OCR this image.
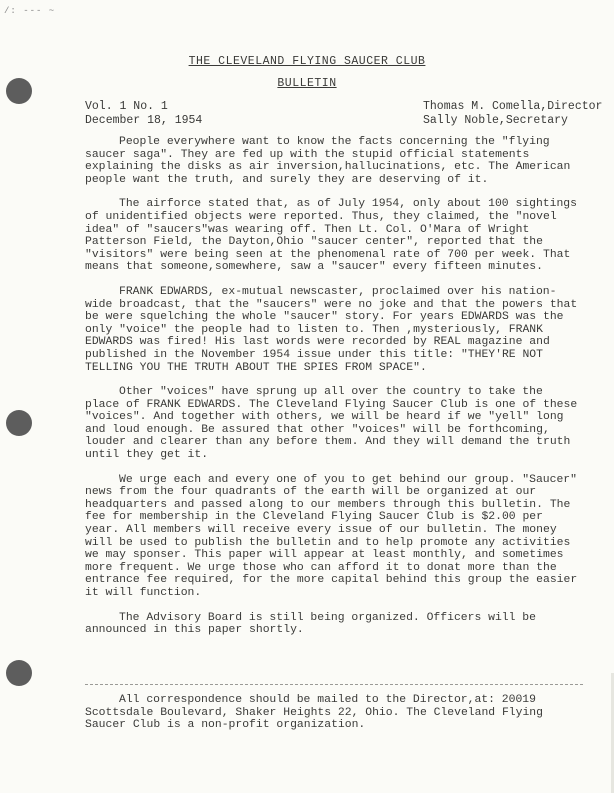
/: --- ~
THE CLEVELAND FLYING SAUCER CLUB
BULLETIN
Vol. 1 No. 1
December 18, 1954
Thomas M. Comella,Director
Sally Noble,Secretary

People everywhere want to know the facts concerning the "flying saucer saga". They are fed up with the stupid official statements explaining the disks as air inversion,hallucinations, etc. The American people want the truth, and surely they are deserving of it.

The airforce stated that, as of July 1954, only about 100 sightings of unidentified objects were reported. Thus, they claimed, the "novel idea" of "saucers"was wearing off. Then Lt. Col. O'Mara of Wright Patterson Field, the Dayton,Ohio "saucer center", reported that the "visitors" were being seen at the phenomenal rate of 700 per week. That means that someone,somewhere, saw a "saucer" every fifteen minutes.

FRANK EDWARDS, ex-mutual newscaster, proclaimed over his nation-wide broadcast, that the "saucers" were no joke and that the powers that be were squelching the whole "saucer" story. For years EDWARDS was the only "voice" the people had to listen to. Then ,mysteriously, FRANK EDWARDS was fired! His last words were recorded by REAL magazine and published in the November 1954 issue under this title: "THEY'RE NOT TELLING YOU THE TRUTH ABOUT THE SPIES FROM SPACE".

Other "voices" have sprung up all over the country to take the place of FRANK EDWARDS. The Cleveland Flying Saucer Club is one of these "voices". And together with others, we will be heard if we "yell" long and loud enough. Be assured that other "voices" will be forthcoming, louder and clearer than any before them. And they will demand the truth until they get it.

We urge each and every one of you to get behind our group. "Saucer" news from the four quadrants of the earth will be organized at our headquarters and passed along to our members through this bulletin. The fee for membership in the Cleveland Flying Saucer Club is $2.00 per year. All members will receive every issue of our bulletin. The money will be used to publish the bulletin and to help promote any activities we may sponser. This paper will appear at least monthly, and sometimes more frequent. We urge those who can afford it to donat more than the entrance fee required, for the more capital behind this group the easier it will function.

The Advisory Board is still being organized. Officers will be announced in this paper shortly.

All correspondence should be mailed to the Director,at: 20019 Scottsdale Boulevard, Shaker Heights 22, Ohio. The Cleveland Flying Saucer Club is a non-profit organization.
